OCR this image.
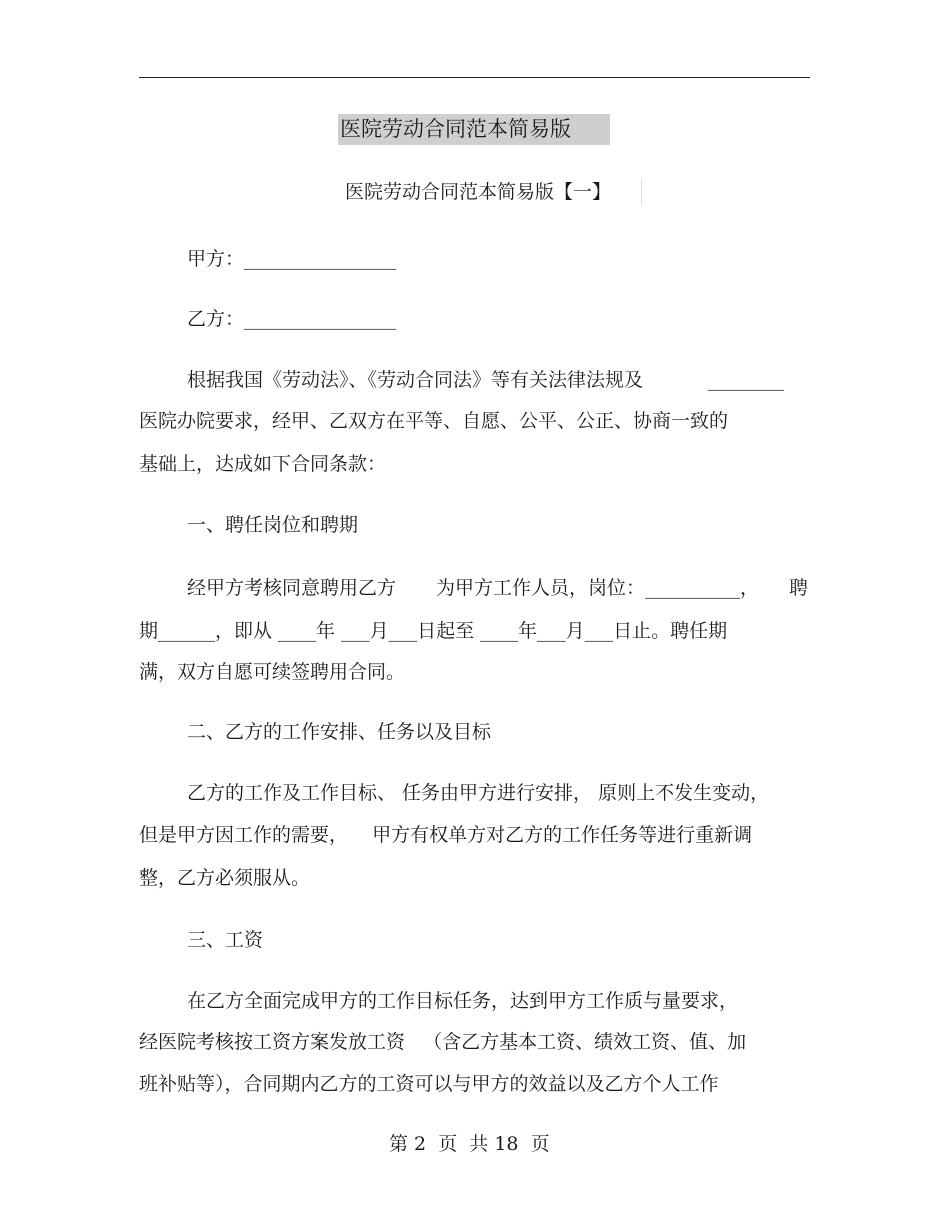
医院劳动合同范本简易版
医院劳动合同范本简易版【一】
甲方：________________
乙方：________________
根据我国《劳动法》、《劳动合同法》等有关法律法规及	________
医院办院要求，经甲、乙双方在平等、自愿、公平、公正、协商一致的
基础上，达成如下合同条款：
一、聘任岗位和聘期
经甲方考核同意聘用乙方 为甲方工作人员，岗位：__________， 聘
期______，即从 ____年 ___月___日起至 ____年___月___日止。聘任期
满，双方自愿可续签聘用合同。
二、乙方的工作安排、任务以及目标
乙方的工作及工作目标、 任务由甲方进行安排， 原则上不发生变动，
但是甲方因工作的需要，    甲方有权单方对乙方的工作任务等进行重新调
整，乙方必须服从。
三、工资
在乙方全面完成甲方的工作目标任务，达到甲方工作质与量要求，
经医院考核按工资方案发放工资   （含乙方基本工资、绩效工资、值、加
班补贴等），合同期内乙方的工资可以与甲方的效益以及乙方个人工作
第 2  页  共 18  页
